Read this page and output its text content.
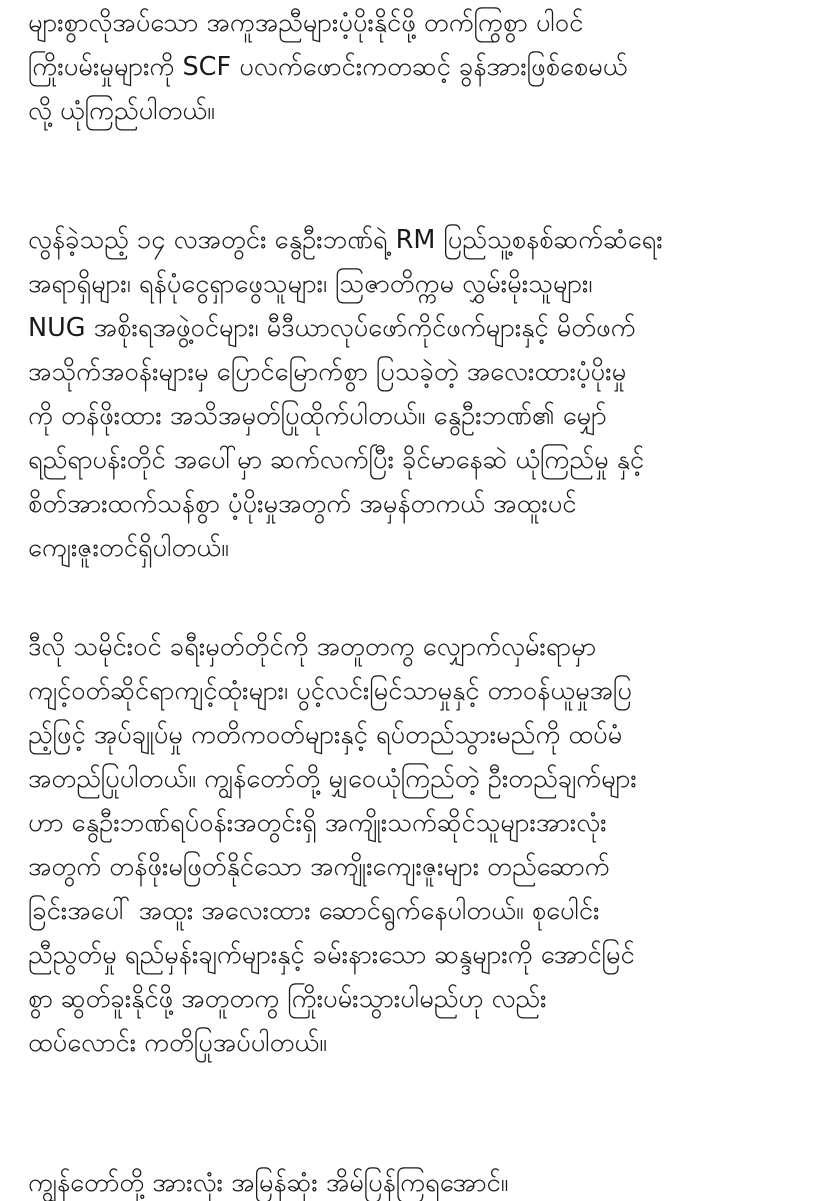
များစွာလိုအပ်သော အကူအညီများပံ့ပိုးနိုင်ဖို့ တက်ကြွစွာ ပါဝင်
ကြိုးပမ်းမှုများကို SCF ပလက်ဖောင်းကတဆင့် ခွန်အားဖြစ်စေမယ်
လို့ ယုံကြည်ပါတယ်။
လွန်ခဲ့သည့် ၁၄ လအတွင်း နွေဦးဘဏ်ရဲ့ RM ပြည်သူ့စနစ်ဆက်ဆံရေး
အရာရှိများ၊ ရန်ပုံငွေရှာဖွေသူများ၊ သြဇာတိက္ကမ လွှမ်းမိုးသူများ၊
NUG အစိုးရအဖွဲ့ဝင်များ၊ မီဒီယာလုပ်ဖော်ကိုင်ဖက်များနှင့် မိတ်ဖက်
အသိုက်အဝန်းများမှ ပြောင်မြောက်စွာ ပြသခဲ့တဲ့ အလေးထားပံ့ပိုးမှု
ကို တန်ဖိုးထား အသိအမှတ်ပြုထိုက်ပါတယ်။ နွေဦးဘဏ်၏ မျှော်
ရည်ရာပန်းတိုင် အပေါ်မှာ ဆက်လက်ပြီး ခိုင်မာနေဆဲ ယုံကြည်မှု နှင့်
စိတ်အားထက်သန်စွာ ပံ့ပိုးမှုအတွက် အမှန်တကယ် အထူးပင်
ကျေးဇူးတင်ရှိပါတယ်။
ဒီလို သမိုင်းဝင် ခရီးမှတ်တိုင်ကို အတူတကွ လျှောက်လှမ်းရာမှာ
ကျင့်ဝတ်ဆိုင်ရာကျင့်ထုံးများ၊ ပွင့်လင်းမြင်သာမှုနှင့် တာဝန်ယူမှုအပြ
ည့်ဖြင့် အုပ်ချုပ်မှု ကတိကဝတ်များနှင့် ရပ်တည်သွားမည်ကို ထပ်မံ
အတည်ပြုပါတယ်။ ကျွန်တော်တို့ မျှဝေယုံကြည်တဲ့ ဦးတည်ချက်များ
ဟာ နွေဦးဘဏ်ရပ်ဝန်းအတွင်းရှိ အကျိုးသက်ဆိုင်သူများအားလုံး
အတွက် တန်ဖိုးမဖြတ်နိုင်သော အကျိုးကျေးဇူးများ တည်ဆောက်
ခြင်းအပေါ် အထူး အလေးထား ဆောင်ရွက်နေပါတယ်။ စုပေါင်း
ညီညွတ်မှု ရည်မှန်းချက်များနှင့် ခမ်းနားသော ဆန္ဒများကို အောင်မြင်
စွာ ဆွတ်ခူးနိုင်ဖို့ အတူတကွ ကြိုးပမ်းသွားပါမည်ဟု လည်း
ထပ်လောင်း ကတိပြုအပ်ပါတယ်။
ကျွန်တော်တို့ အားလုံး အမြန်ဆုံး အိမ်ပြန်ကြရအောင်။
